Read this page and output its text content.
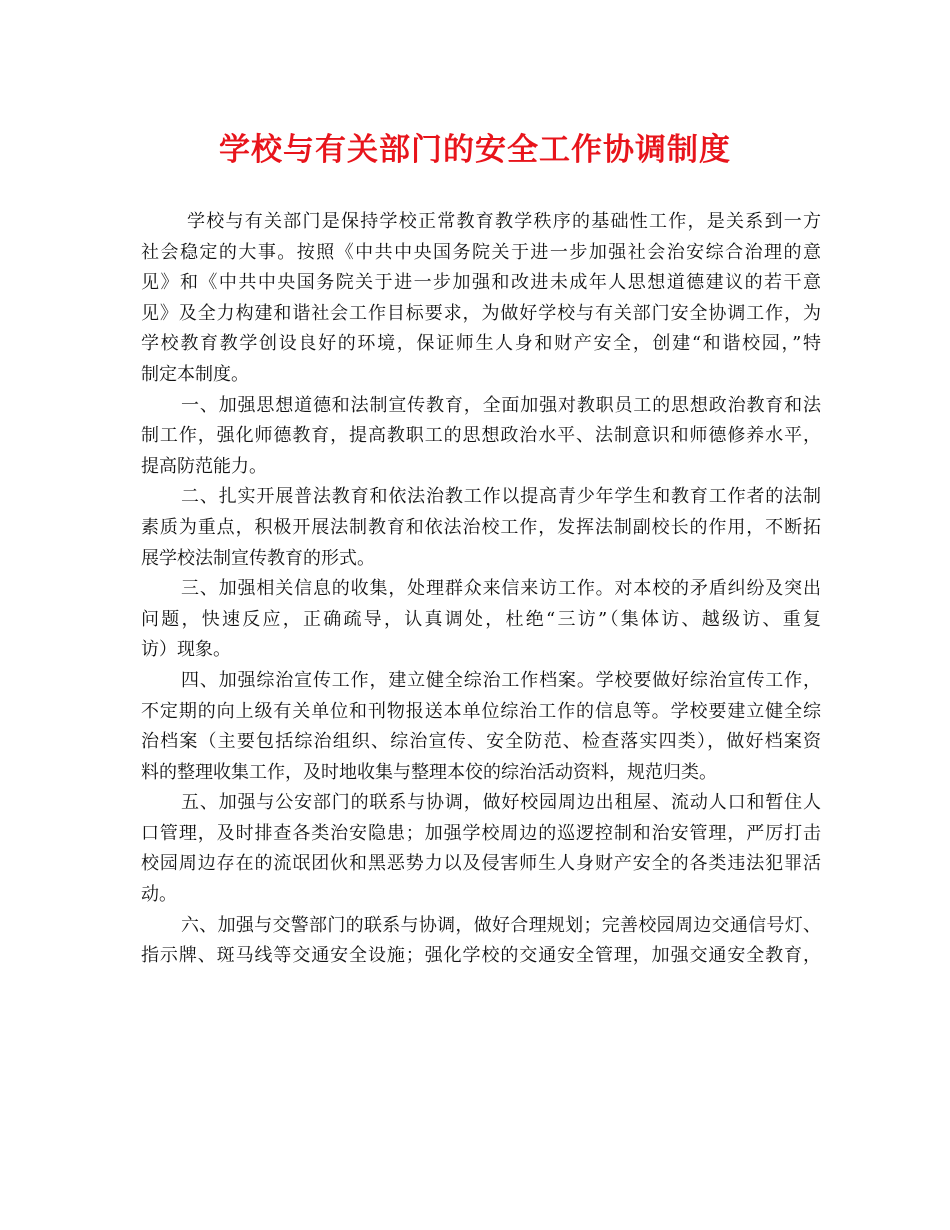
学校与有关部门的安全工作协调制度
学校与有关部门是保持学校正常教育教学秩序的基础性工作，是关系到一方
社会稳定的大事。按照《中共中央国务院关于进一步加强社会治安综合治理的意
见》和《中共中央国务院关于进一步加强和改进未成年人思想道德建议的若干意
见》及全力构建和谐社会工作目标要求，为做好学校与有关部门安全协调工作，为
学校教育教学创设良好的环境，保证师生人身和财产安全，创建“和谐校园，”特
制定本制度。
一、加强思想道德和法制宣传教育，全面加强对教职员工的思想政治教育和法
制工作，强化师德教育，提高教职工的思想政治水平、法制意识和师德修养水平，
提高防范能力。
二、扎实开展普法教育和依法治教工作以提高青少年学生和教育工作者的法制
素质为重点，积极开展法制教育和依法治校工作，发挥法制副校长的作用，不断拓
展学校法制宣传教育的形式。
三、加强相关信息的收集，处理群众来信来访工作。对本校的矛盾纠纷及突出
问题，快速反应，正确疏导，认真调处，杜绝“三访”（集体访、越级访、重复
访）现象。
四、加强综治宣传工作，建立健全综治工作档案。学校要做好综治宣传工作，
不定期的向上级有关单位和刊物报送本单位综治工作的信息等。学校要建立健全综
治档案（主要包括综治组织、综治宣传、安全防范、检查落实四类），做好档案资
料的整理收集工作，及时地收集与整理本佼的综治活动资料，规范归类。
五、加强与公安部门的联系与协调，做好校园周边出租屋、流动人口和暂住人
口管理，及时排查各类治安隐患；加强学校周边的巡逻控制和治安管理，严厉打击
校园周边存在的流氓团伙和黑恶势力以及侵害师生人身财产安全的各类违法犯罪活
动。
六、加强与交警部门的联系与协调，做好合理规划；完善校园周边交通信号灯、
指示牌、斑马线等交通安全设施；强化学校的交通安全管理，加强交通安全教育，
